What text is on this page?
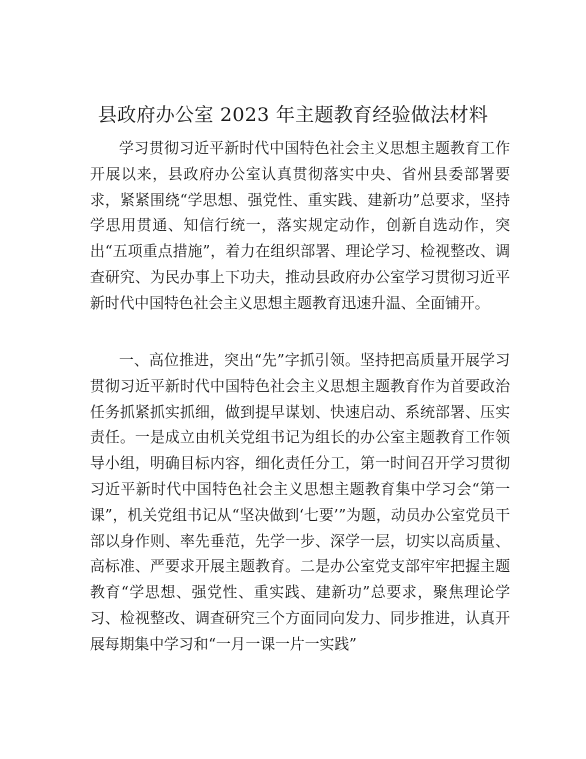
县政府办公室 2023 年主题教育经验做法材料

学习贯彻习近平新时代中国特色社会主义思想主题教育工作开展以来，县政府办公室认真贯彻落实中央、省州县委部署要求，紧紧围绕“学思想、强党性、重实践、建新功”总要求，坚持学思用贯通、知信行统一，落实规定动作，创新自选动作，突出“五项重点措施”，着力在组织部署、理论学习、检视整改、调查研究、为民办事上下功夫，推动县政府办公室学习贯彻习近平新时代中国特色社会主义思想主题教育迅速升温、全面铺开。

一、高位推进，突出“先”字抓引领。坚持把高质量开展学习贯彻习近平新时代中国特色社会主义思想主题教育作为首要政治任务抓紧抓实抓细，做到提早谋划、快速启动、系统部署、压实责任。一是成立由机关党组书记为组长的办公室主题教育工作领导小组，明确目标内容，细化责任分工，第一时间召开学习贯彻习近平新时代中国特色社会主义思想主题教育集中学习会“第一课”，机关党组书记从“坚决做到‘七要’”为题，动员办公室党员干部以身作则、率先垂范，先学一步、深学一层，切实以高质量、高标准、严要求开展主题教育。二是办公室党支部牢牢把握主题教育“学思想、强党性、重实践、建新功”总要求，聚焦理论学习、检视整改、调查研究三个方面同向发力、同步推进，认真开展每期集中学习和“一月一课一片一实践”
